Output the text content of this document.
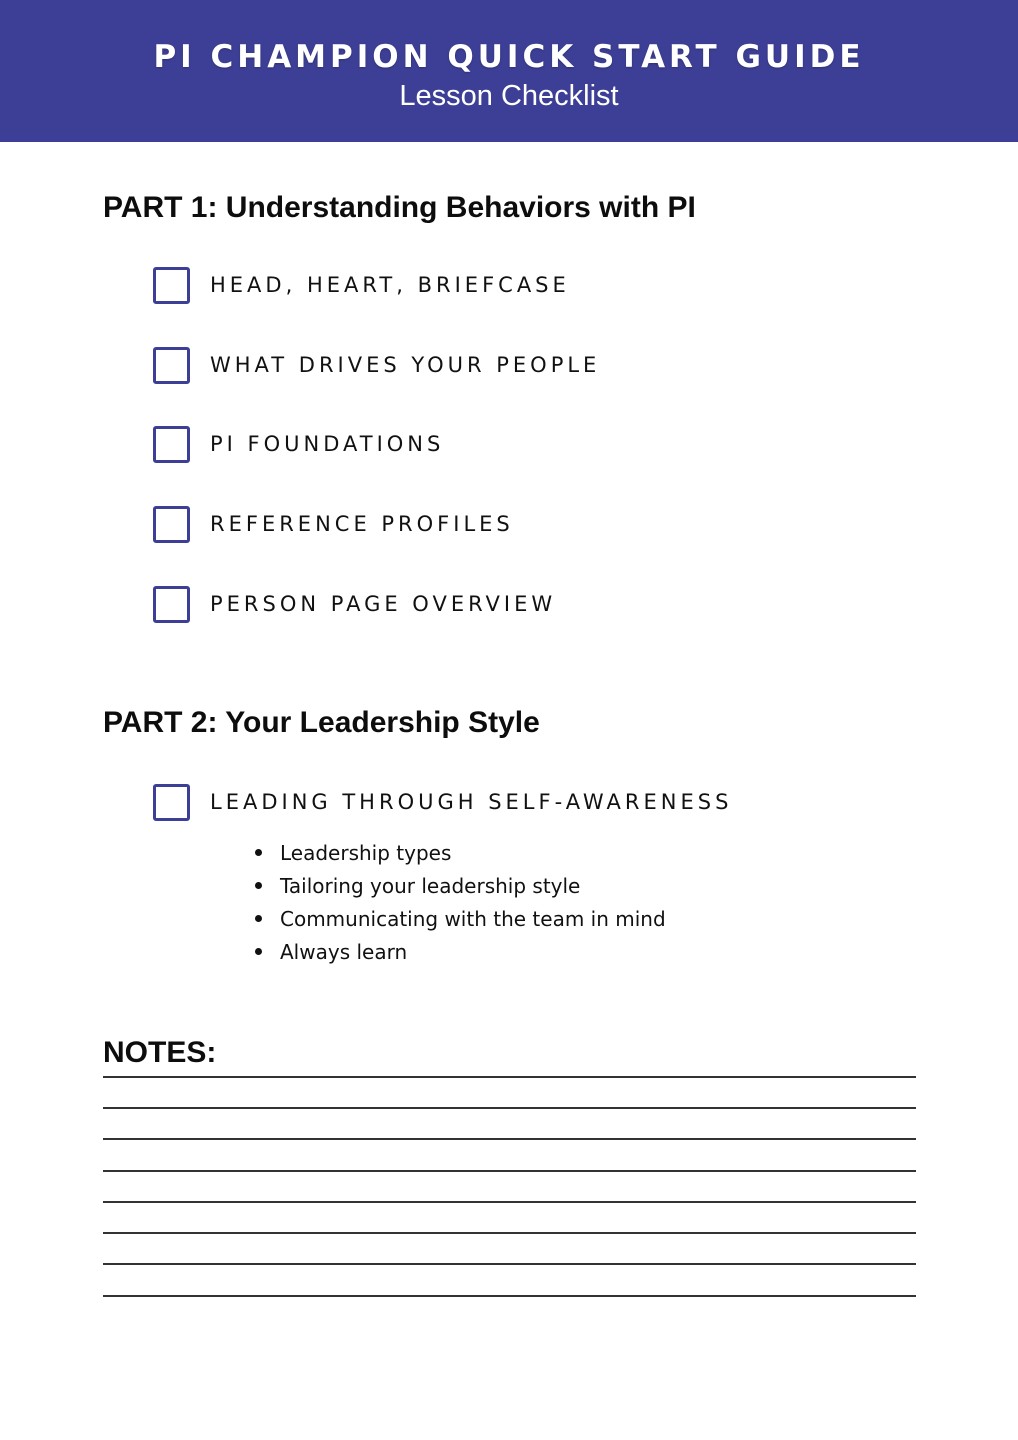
PI CHAMPION QUICK START GUIDE
Lesson Checklist
PART 1: Understanding Behaviors with PI
HEAD, HEART, BRIEFCASE
WHAT DRIVES YOUR PEOPLE
PI FOUNDATIONS
REFERENCE PROFILES
PERSON PAGE OVERVIEW
PART 2: Your Leadership Style
LEADING THROUGH SELF-AWARENESS
Leadership types
Tailoring your leadership style
Communicating with the team in mind
Always learn
NOTES:
